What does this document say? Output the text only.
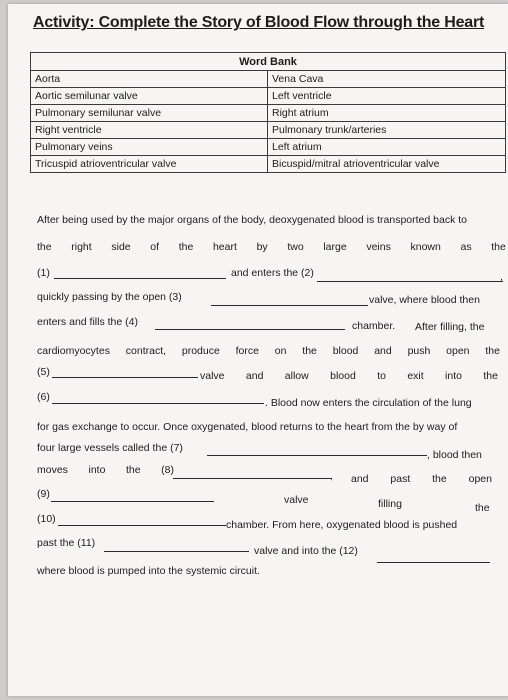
Activity: Complete the Story of Blood Flow through the Heart
Word Bank	
Aorta	Vena Cava
Aortic semilunar valve	Left ventricle
Pulmonary semilunar valve	Right atrium
Right ventricle	Pulmonary trunk/arteries
Pulmonary veins	Left atrium
Tricuspid atrioventricular valve	Bicuspid/mitral atrioventricular valve
After being used by the major organs of the body, deoxygenated blood is transported back to
the right side of the heart by two large veins known as the
(1)	and enters the (2)	,
quickly passing by the open (3)	valve, where blood then
enters and fills the (4)	chamber. After filling, the
cardiomyocytes contract, produce force on the blood and push open the
(5)	valve and allow blood to exit into the
(6)	. Blood now enters the circulation of the lung
for gas exchange to occur. Once oxygenated, blood returns to the heart from the by way of
four large vessels called the (7)
, blood then
moves into the (8)	, and past the open
(9)	valve	filling	the
(10)	chamber. From here, oxygenated blood is pushed
past the (11)
valve and into the (12)
where blood is pumped into the systemic circuit.
